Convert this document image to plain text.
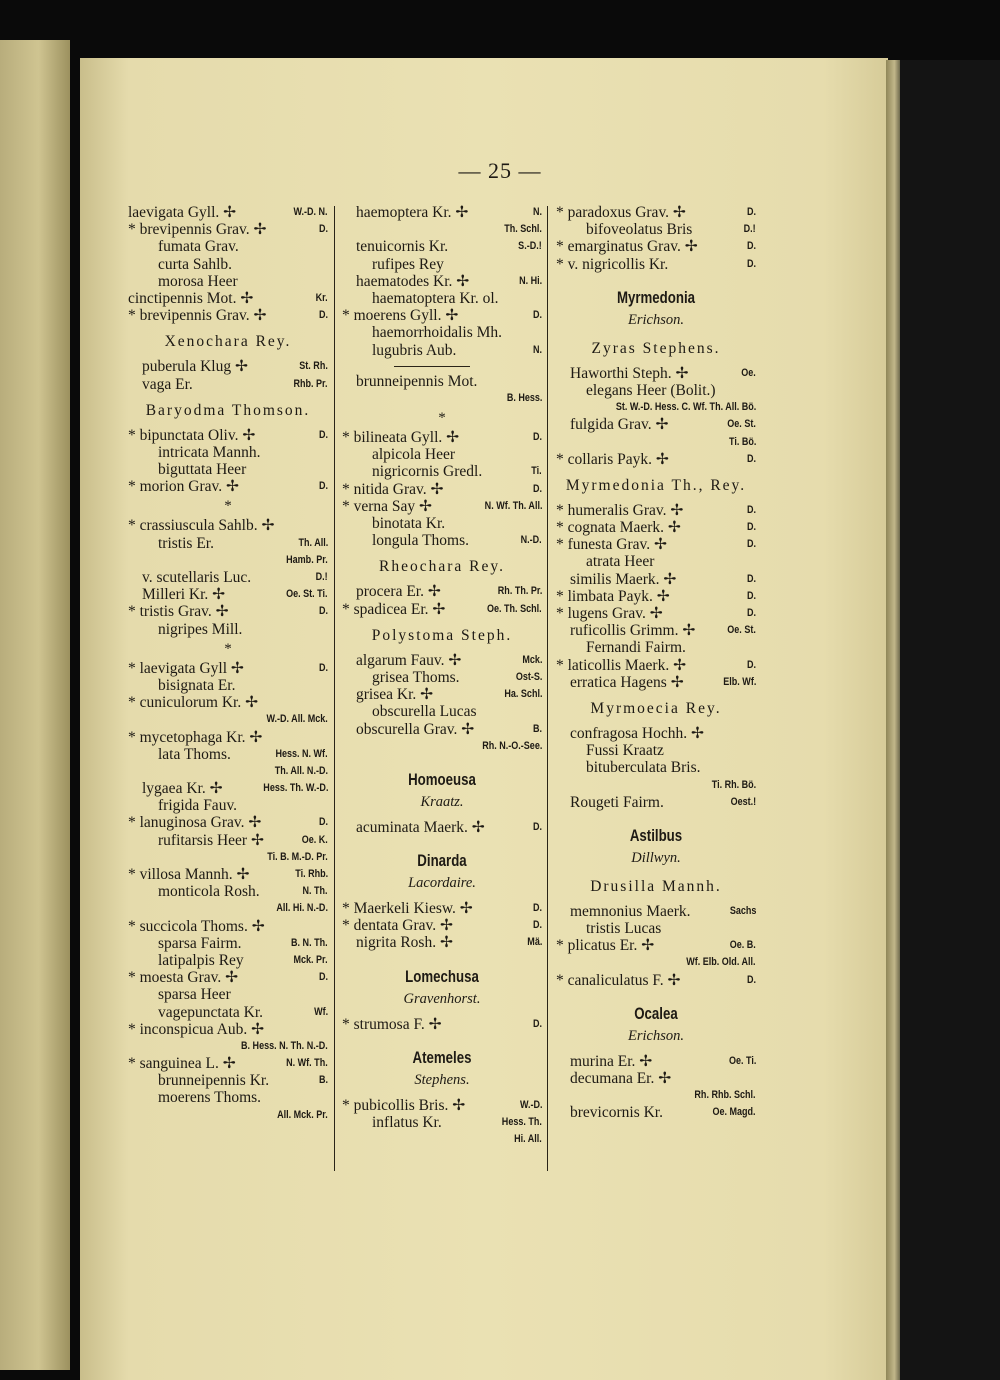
— 25 —
laevigata Gyll. ✢	W.-D. N.
* brevipennis Grav. ✢	D.
fumata Grav.
curta Sahlb.
morosa Heer
cinctipennis Mot. ✢	Kr.
* brevipennis Grav. ✢	D.
Xenochara Rey.
puberula Klug ✢	St. Rh.
vaga Er.	Rhb. Pr.
Baryodma Thomson.
* bipunctata Oliv. ✢	D.
intricata Mannh.
biguttata Heer
* morion Grav. ✢	D.
*
* crassiuscula Sahlb. ✢
tristis Er.	Th. All.
Hamb. Pr.
v. scutellaris Luc.	D.!
Milleri Kr. ✢	Oe. St. Ti.
* tristis Grav. ✢	D.
nigripes Mill.
*
* laevigata Gyll ✢	D.
bisignata Er.
* cuniculorum Kr. ✢
W.-D. All. Mck.
* mycetophaga Kr. ✢
lata Thoms.	Hess. N. Wf.
Th. All. N.-D.
lygaea Kr. ✢	Hess. Th. W.-D.
frigida Fauv.
* lanuginosa Grav. ✢	D.
rufitarsis Heer ✢	Oe. K.
Ti. B. M.-D. Pr.
* villosa Mannh. ✢	Ti. Rhb.
monticola Rosh.	N. Th.
All. Hi. N.-D.
* succicola Thoms. ✢
sparsa Fairm.	B. N. Th.
latipalpis Rey	Mck. Pr.
* moesta Grav. ✢	D.
sparsa Heer
vagepunctata Kr.	Wf.
* inconspicua Aub. ✢
B. Hess. N. Th. N.-D.
* sanguinea L. ✢	N. Wf. Th.
brunneipennis Kr.	B.
moerens Thoms.
All. Mck. Pr.
haemoptera Kr. ✢	N.
Th. Schl.
tenuicornis Kr.	S.-D.!
rufipes Rey
haematodes Kr. ✢	N. Hi.
haematoptera Kr. ol.
* moerens Gyll. ✢	D.
haemorrhoidalis Mh.
lugubris Aub.	N.
brunneipennis Mot.
B. Hess.
*
* bilineata Gyll. ✢	D.
alpicola Heer
nigricornis Gredl.	Ti.
* nitida Grav. ✢	D.
* verna Say ✢	N. Wf. Th. All.
binotata Kr.
longula Thoms.	N.-D.
Rheochara Rey.
procera Er. ✢	Rh. Th. Pr.
* spadicea Er. ✢	Oe. Th. Schl.
Polystoma Steph.
algarum Fauv. ✢	Mck.
grisea Thoms.	Ost-S.
grisea Kr. ✢	Ha. Schl.
obscurella Lucas
obscurella Grav. ✢	B.
Rh. N.-O.-See.
Homoeusa
Kraatz.
acuminata Maerk. ✢	D.
Dinarda
Lacordaire.
* Maerkeli Kiesw. ✢	D.
* dentata Grav. ✢	D.
nigrita Rosh. ✢	Mä.
Lomechusa
Gravenhorst.
* strumosa F. ✢	D.
Atemeles
Stephens.
* pubicollis Bris. ✢	W.-D.
inflatus Kr.	Hess. Th.
Hi. All.
* paradoxus Grav. ✢	D.
bifoveolatus Bris	D.!
* emarginatus Grav. ✢	D.
* v. nigricollis Kr.	D.
Myrmedonia
Erichson.
Zyras Stephens.
Haworthi Steph. ✢	Oe.
elegans Heer (Bolit.)
St. W.-D. Hess. C. Wf. Th. All. Bö.
fulgida Grav. ✢	Oe. St.
Ti. Bö.
* collaris Payk. ✢	D.
Myrmedonia Th., Rey.
* humeralis Grav. ✢	D.
* cognata Maerk. ✢	D.
* funesta Grav. ✢	D.
atrata Heer
similis Maerk. ✢	D.
* limbata Payk. ✢	D.
* lugens Grav. ✢	D.
ruficollis Grimm. ✢	Oe. St.
Fernandi Fairm.
* laticollis Maerk. ✢	D.
erratica Hagens ✢	Elb. Wf.
Myrmoecia Rey.
confragosa Hochh. ✢
Fussi Kraatz
bituberculata Bris.
Ti. Rh. Bö.
Rougeti Fairm.	Oest.!
Astilbus
Dillwyn.
Drusilla Mannh.
memnonius Maerk.	Sachs
tristis Lucas
* plicatus Er. ✢	Oe. B.
Wf. Elb. Old. All.
* canaliculatus F. ✢	D.
Ocalea
Erichson.
murina Er. ✢	Oe. Ti.
decumana Er. ✢
Rh. Rhb. Schl.
brevicornis Kr.	Oe. Magd.
